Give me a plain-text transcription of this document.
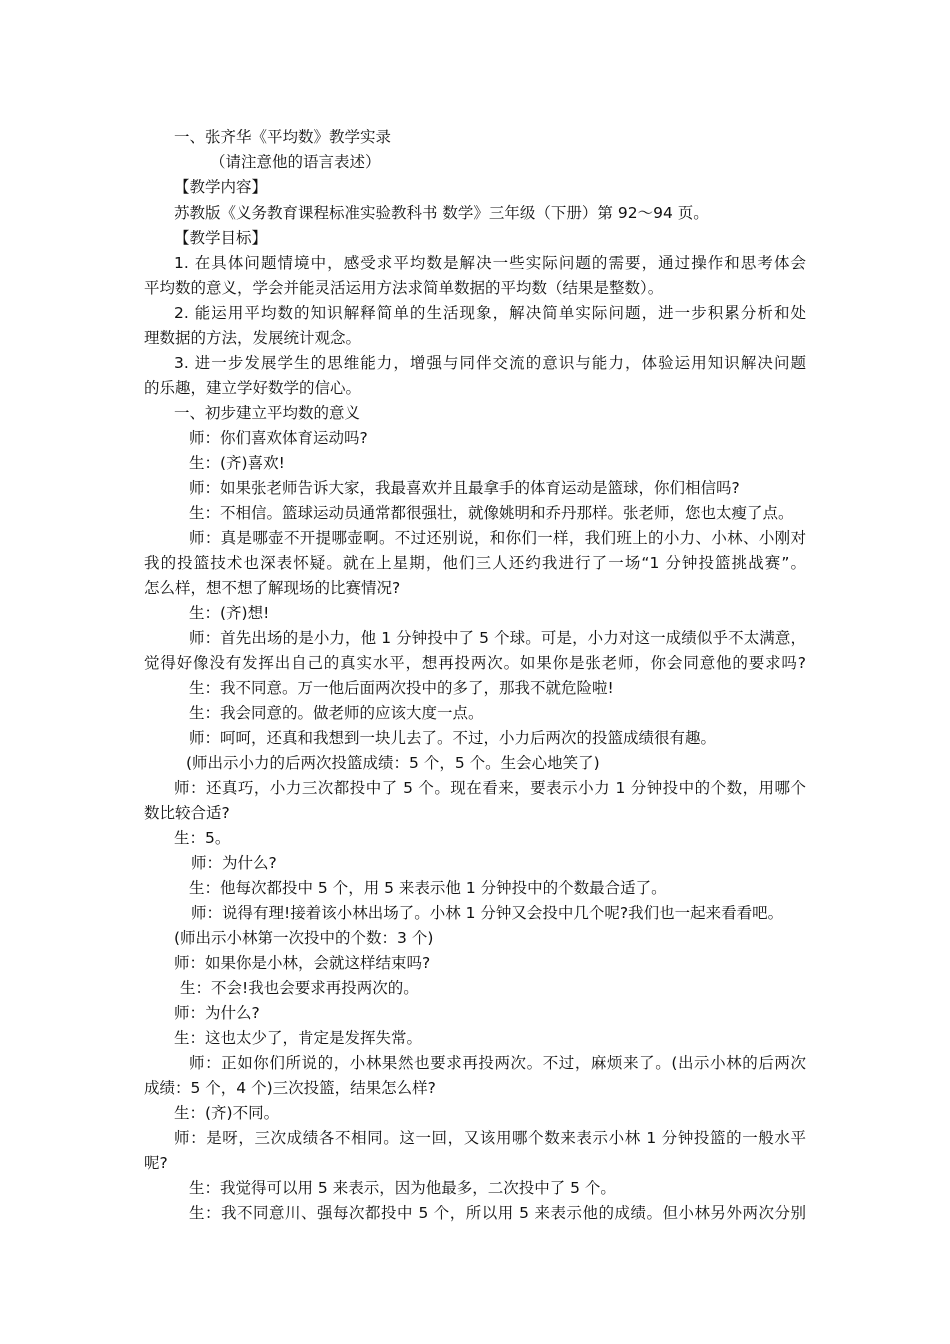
一、张齐华《平均数》教学实录
（请注意他的语言表述）
【教学内容】
苏教版《义务教育课程标准实验教科书 数学》三年级（下册）第 92～94 页。
【教学目标】
1. 在具体问题情境中，感受求平均数是解决一些实际问题的需要，通过操作和思考体会
平均数的意义，学会并能灵活运用方法求简单数据的平均数（结果是整数）。
2. 能运用平均数的知识解释简单的生活现象，解决简单实际问题，进一步积累分析和处
理数据的方法，发展统计观念。
3. 进一步发展学生的思维能力，增强与同伴交流的意识与能力，体验运用知识解决问题
的乐趣，建立学好数学的信心。
一、初步建立平均数的意义
师：你们喜欢体育运动吗?
生：(齐)喜欢!
师：如果张老师告诉大家，我最喜欢并且最拿手的体育运动是篮球，你们相信吗?
生：不相信。篮球运动员通常都很强壮，就像姚明和乔丹那样。张老师，您也太瘦了点。
师：真是哪壶不开提哪壶啊。不过还别说，和你们一样，我们班上的小力、小林、小刚对
我的投篮技术也深表怀疑。就在上星期，他们三人还约我进行了一场“1 分钟投篮挑战赛”。
怎么样，想不想了解现场的比赛情况?
生：(齐)想!
师：首先出场的是小力，他 1 分钟投中了 5 个球。可是，小力对这一成绩似乎不太满意，
觉得好像没有发挥出自己的真实水平，想再投两次。如果你是张老师，你会同意他的要求吗?
生：我不同意。万一他后面两次投中的多了，那我不就危险啦!
生：我会同意的。做老师的应该大度一点。
师：呵呵，还真和我想到一块儿去了。不过，小力后两次的投篮成绩很有趣。
(师出示小力的后两次投篮成绩：5 个，5 个。生会心地笑了)
师：还真巧，小力三次都投中了 5 个。现在看来，要表示小力 1 分钟投中的个数，用哪个
数比较合适?
生：5。
师：为什么?
生：他每次都投中 5 个，用 5 来表示他 1 分钟投中的个数最合适了。
师：说得有理!接着该小林出场了。小林 1 分钟又会投中几个呢?我们也一起来看看吧。
(师出示小林第一次投中的个数：3 个)
师：如果你是小林，会就这样结束吗?
生：不会!我也会要求再投两次的。
师：为什么?
生：这也太少了，肯定是发挥失常。
师：正如你们所说的，小林果然也要求再投两次。不过，麻烦来了。(出示小林的后两次
成绩：5 个，4 个)三次投篮，结果怎么样?
生：(齐)不同。
师：是呀，三次成绩各不相同。这一回，又该用哪个数来表示小林 1 分钟投篮的一般水平
呢?
生：我觉得可以用 5 来表示，因为他最多，二次投中了 5 个。
生：我不同意川、强每次都投中 5 个，所以用 5 来表示他的成绩。但小林另外两次分别
